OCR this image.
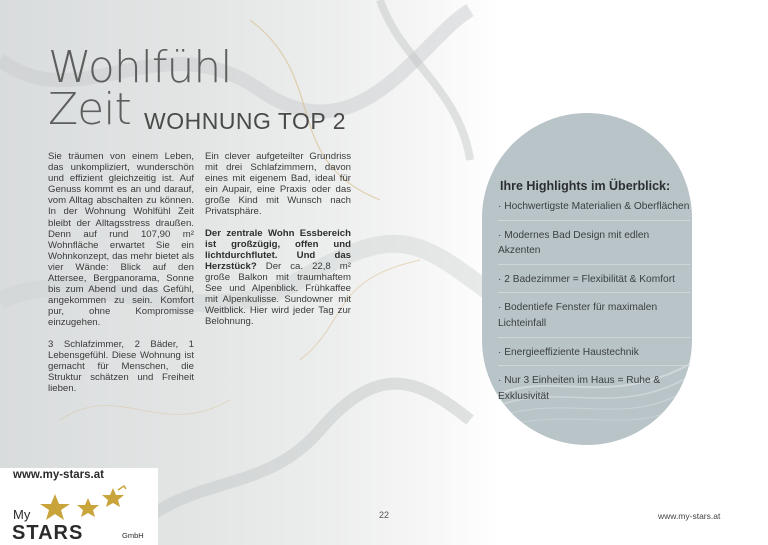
Wohlfühl
Zeit WOHNUNG TOP 2

Sie träumen von einem Leben, das unkompliziert, wunderschön und effizient gleichzeitig ist. Auf Genuss kommt es an und darauf, vom Alltag abschalten zu können. In der Wohnung Wohlfühl Zeit bleibt der Alltagsstress draußen. Denn auf rund 107,90 m² Wohnfläche erwartet Sie ein Wohnkonzept, das mehr bietet als vier Wände: Blick auf den Attersee, Bergpanorama, Sonne bis zum Abend und das Gefühl, angekommen zu sein. Komfort pur, ohne Kompromisse einzugehen.

3 Schlafzimmer, 2 Bäder, 1 Lebensgefühl. Diese Wohnung ist gemacht für Menschen, die Struktur schätzen und Freiheit lieben.

Ein clever aufgeteilter Grundriss mit drei Schlafzimmern, davon eines mit eigenem Bad, ideal für ein Aupair, eine Praxis oder das große Kind mit Wunsch nach Privatsphäre.

Der zentrale Wohn Essbereich ist großzügig, offen und lichtdurchflutet. Und das Herzstück? Der ca. 22,8 m² große Balkon mit traumhaftem See und Alpenblick. Frühkaffee mit Alpenkulisse. Sundowner mit Weitblick. Hier wird jeder Tag zur Belohnung.

Ihre Highlights im Überblick:
· Hochwertigste Materialien & Oberflächen
· Modernes Bad Design mit edlen Akzenten
· 2 Badezimmer = Flexibilität & Komfort
· Bodentiefe Fenster für maximalen Lichteinfall
· Energieeffiziente Haustechnik
· Nur 3 Einheiten im Haus = Ruhe & Exklusivität
22	www.my-stars.at
www.my-stars.at
My
STARS	GmbH
